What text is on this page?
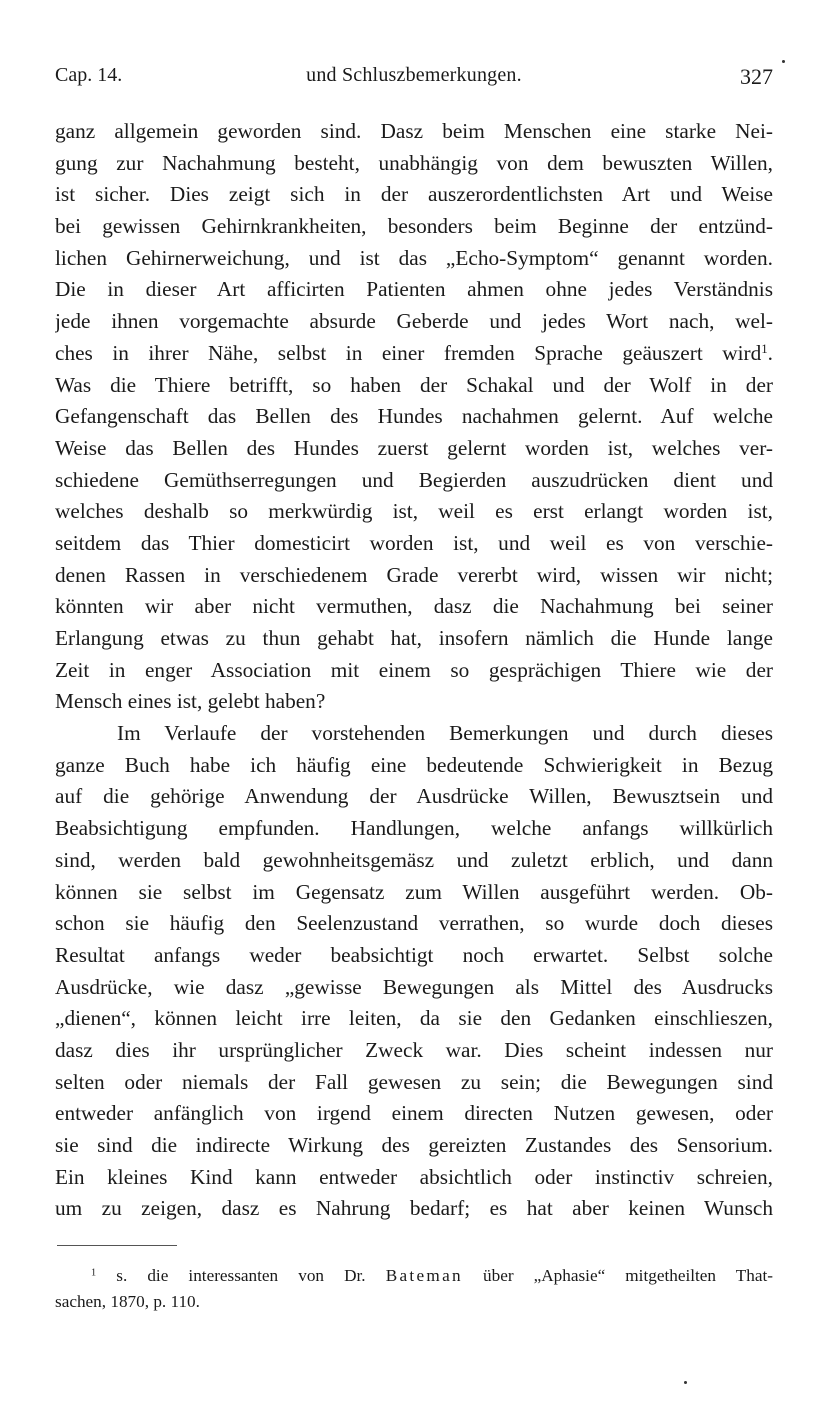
Cap. 14.	und Schluszbemerkungen.	327
ganz allgemein geworden sind. Dasz beim Menschen eine starke Nei-
gung zur Nachahmung besteht, unabhängig von dem bewuszten Willen,
ist sicher. Dies zeigt sich in der auszerordentlichsten Art und Weise
bei gewissen Gehirnkrankheiten, besonders beim Beginne der entzünd-
lichen Gehirnerweichung, und ist das „Echo-Symptom“ genannt worden.
Die in dieser Art afficirten Patienten ahmen ohne jedes Verständnis
jede ihnen vorgemachte absurde Geberde und jedes Wort nach, wel-
ches in ihrer Nähe, selbst in einer fremden Sprache geäuszert wird$^1$.
Was die Thiere betrifft, so haben der Schakal und der Wolf in der
Gefangenschaft das Bellen des Hundes nachahmen gelernt. Auf welche
Weise das Bellen des Hundes zuerst gelernt worden ist, welches ver-
schiedene Gemüthserregungen und Begierden auszudrücken dient und
welches deshalb so merkwürdig ist, weil es erst erlangt worden ist,
seitdem das Thier domesticirt worden ist, und weil es von verschie-
denen Rassen in verschiedenem Grade vererbt wird, wissen wir nicht;
könnten wir aber nicht vermuthen, dasz die Nachahmung bei seiner
Erlangung etwas zu thun gehabt hat, insofern nämlich die Hunde lange
Zeit in enger Association mit einem so gesprächigen Thiere wie der
Mensch eines ist, gelebt haben?
Im Verlaufe der vorstehenden Bemerkungen und durch dieses
ganze Buch habe ich häufig eine bedeutende Schwierigkeit in Bezug
auf die gehörige Anwendung der Ausdrücke Willen, Bewusztsein und
Beabsichtigung empfunden. Handlungen, welche anfangs willkürlich
sind, werden bald gewohnheitsgemäsz und zuletzt erblich, und dann
können sie selbst im Gegensatz zum Willen ausgeführt werden. Ob-
schon sie häufig den Seelenzustand verrathen, so wurde doch dieses
Resultat anfangs weder beabsichtigt noch erwartet. Selbst solche
Ausdrücke, wie dasz „gewisse Bewegungen als Mittel des Ausdrucks
„dienen“, können leicht irre leiten, da sie den Gedanken einschlieszen,
dasz dies ihr ursprünglicher Zweck war. Dies scheint indessen nur
selten oder niemals der Fall gewesen zu sein; die Bewegungen sind
entweder anfänglich von irgend einem directen Nutzen gewesen, oder
sie sind die indirecte Wirkung des gereizten Zustandes des Sensorium.
Ein kleines Kind kann entweder absichtlich oder instinctiv schreien,
um zu zeigen, dasz es Nahrung bedarf; es hat aber keinen Wunsch
$^1$ s. die interessanten von Dr. Bateman über „Aphasie“ mitgetheilten That-
sachen, 1870, p. 110.
